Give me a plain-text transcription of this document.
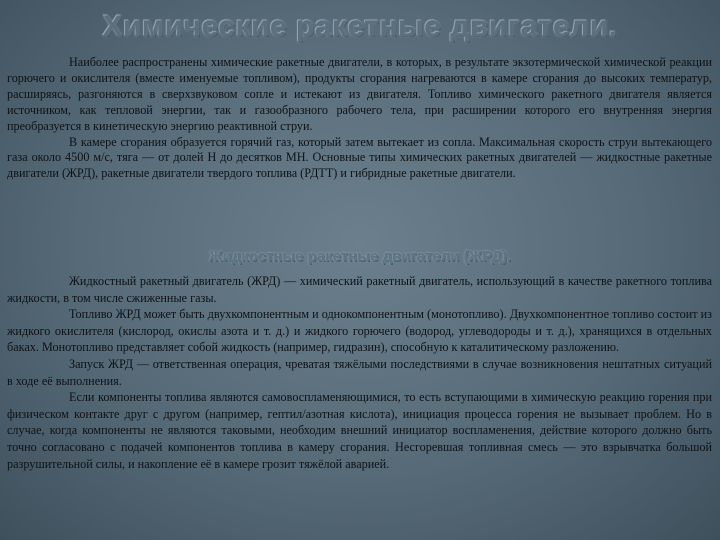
Химические ракетные двигатели.

Наиболее распространены химические ракетные двигатели, в которых, в результате экзотермической химической реакции горючего и окислителя (вместе именуемые топливом), продукты сгорания нагреваются в камере сгорания до высоких температур, расширяясь, разгоняются в сверхзвуковом сопле и истекают из двигателя. Топливо химического ракетного двигателя является источником, как тепловой энергии, так и газообразного рабочего тела, при расширении которого его внутренняя энергия преобразуется в кинетическую энергию реактивной струи.

В камере сгорания образуется горячий газ, который затем вытекает из сопла. Максимальная скорость струи вытекающего газа около 4500 м/с, тяга — от долей Н до десятков МН. Основные типы химических ракетных двигателей — жидкостные ракетные двигатели (ЖРД), ракетные двигатели твердого топлива (РДТТ) и гибридные ракетные двигатели.

Жидкостные ракетные двигатели (ЖРД).

Жидкостный ракетный двигатель (ЖРД) — химический ракетный двигатель, использующий в качестве ракетного топлива жидкости, в том числе сжиженные газы.

Топливо ЖРД может быть двухкомпонентным и однокомпонентным (монотопливо). Двухкомпонентное топливо состоит из жидкого окислителя (кислород, окислы азота и т. д.) и жидкого горючего (водород, углеводороды и т. д.), хранящихся в отдельных баках. Монотопливо представляет собой жидкость (например, гидразин), способную к каталитическому разложению.

Запуск ЖРД — ответственная операция, чреватая тяжёлыми последствиями в случае возникновения нештатных ситуаций в ходе её выполнения.

Если компоненты топлива являются самовоспламеняющимися, то есть вступающими в химическую реакцию горения при физическом контакте друг с другом (например, гептил/азотная кислота), инициация процесса горения не вызывает проблем. Но в случае, когда компоненты не являются таковыми, необходим внешний инициатор воспламенения, действие которого должно быть точно согласовано с подачей компонентов топлива в камеру сгорания. Несгоревшая топливная смесь — это взрывчатка большой разрушительной силы, и накопление её в камере грозит тяжёлой аварией.
